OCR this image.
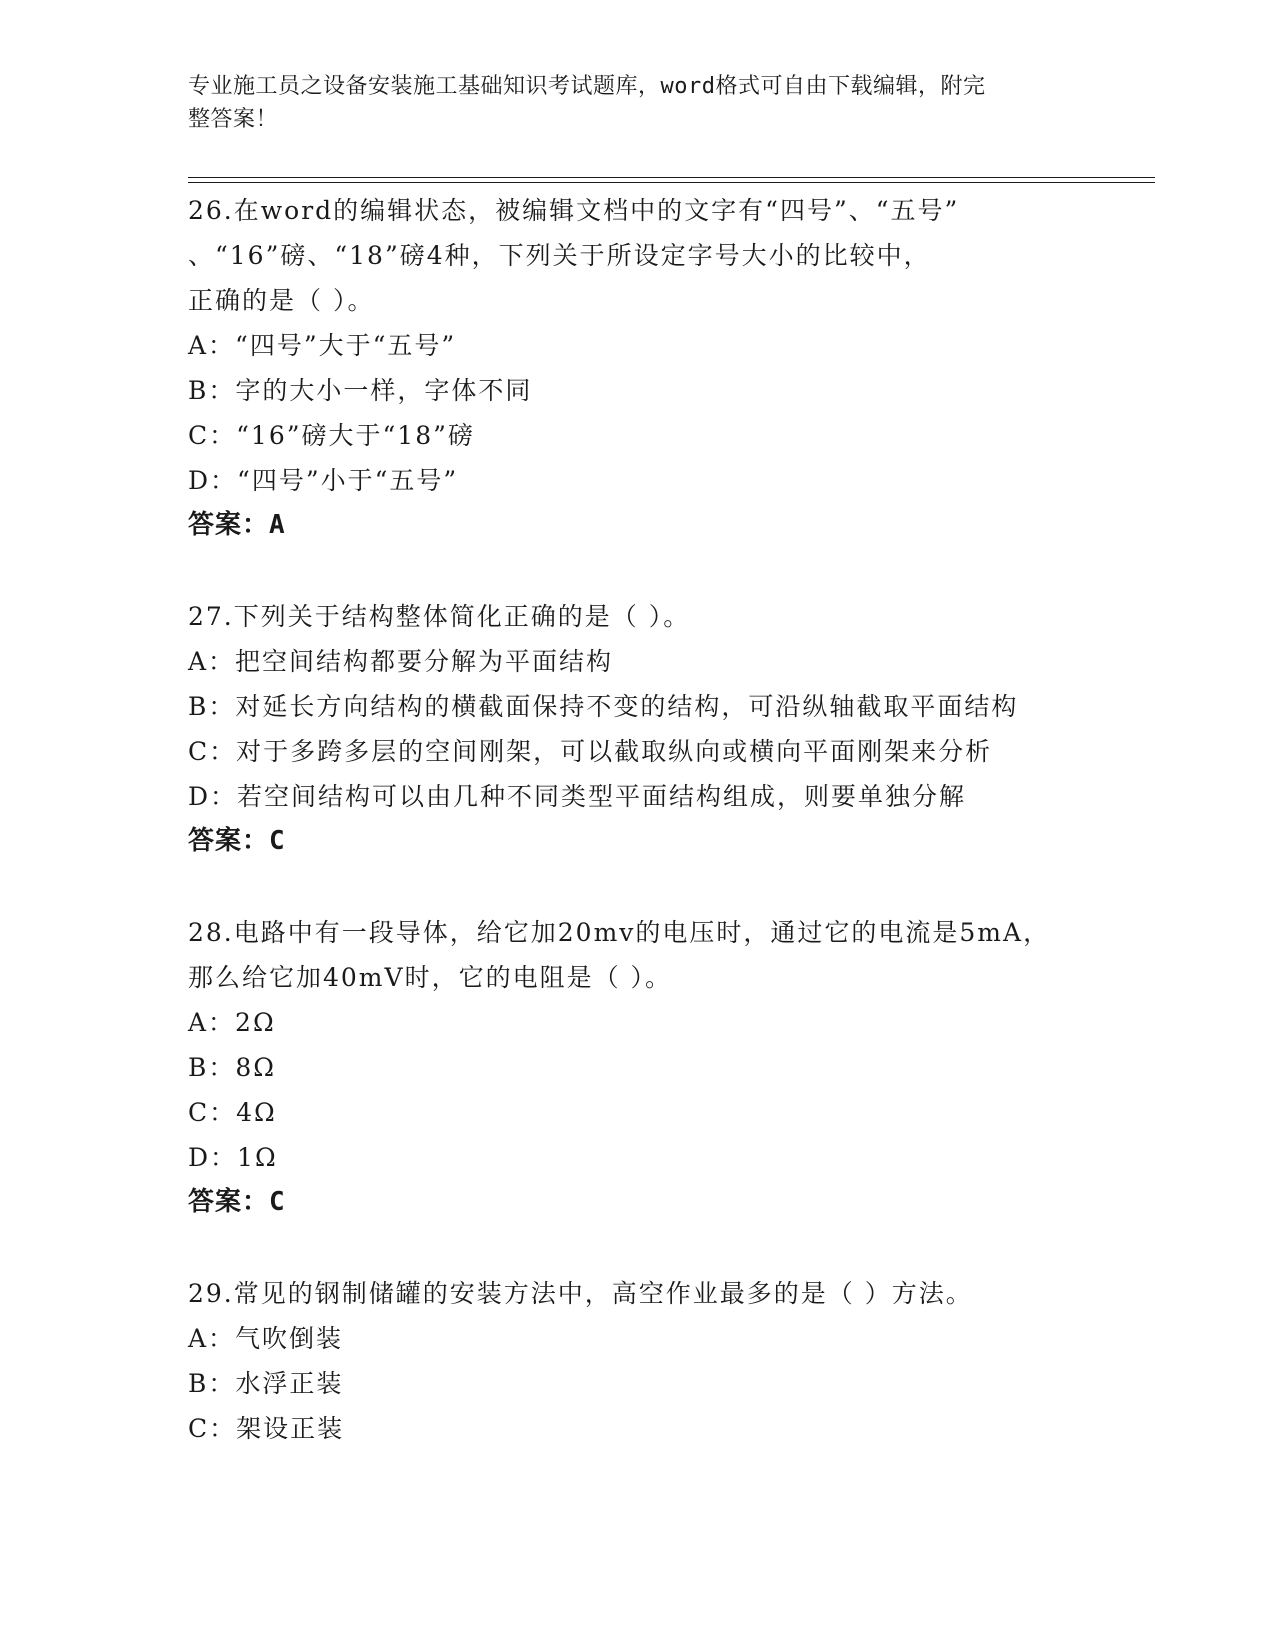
专业施工员之设备安装施工基础知识考试题库，word格式可自由下载编辑，附完
整答案！
26.在word的编辑状态，被编辑文档中的文字有“四号”、“五号”
、“16”磅、“18”磅4种，下列关于所设定字号大小的比较中，
正确的是（ ）。
A：“四号”大于“五号”
B：字的大小一样，字体不同
C：“16”磅大于“18”磅
D：“四号”小于“五号”
答案：A
27.下列关于结构整体简化正确的是（ ）。
A：把空间结构都要分解为平面结构
B：对延长方向结构的横截面保持不变的结构，可沿纵轴截取平面结构
C：对于多跨多层的空间刚架，可以截取纵向或横向平面刚架来分析
D：若空间结构可以由几种不同类型平面结构组成，则要单独分解
答案：C
28.电路中有一段导体，给它加20mv的电压时，通过它的电流是5mA，
那么给它加40mV时，它的电阻是（ ）。
A：2Ω
B：8Ω
C：4Ω
D：1Ω
答案：C
29.常见的钢制储罐的安装方法中，高空作业最多的是（ ）方法。
A：气吹倒装
B：水浮正装
C：架设正装
